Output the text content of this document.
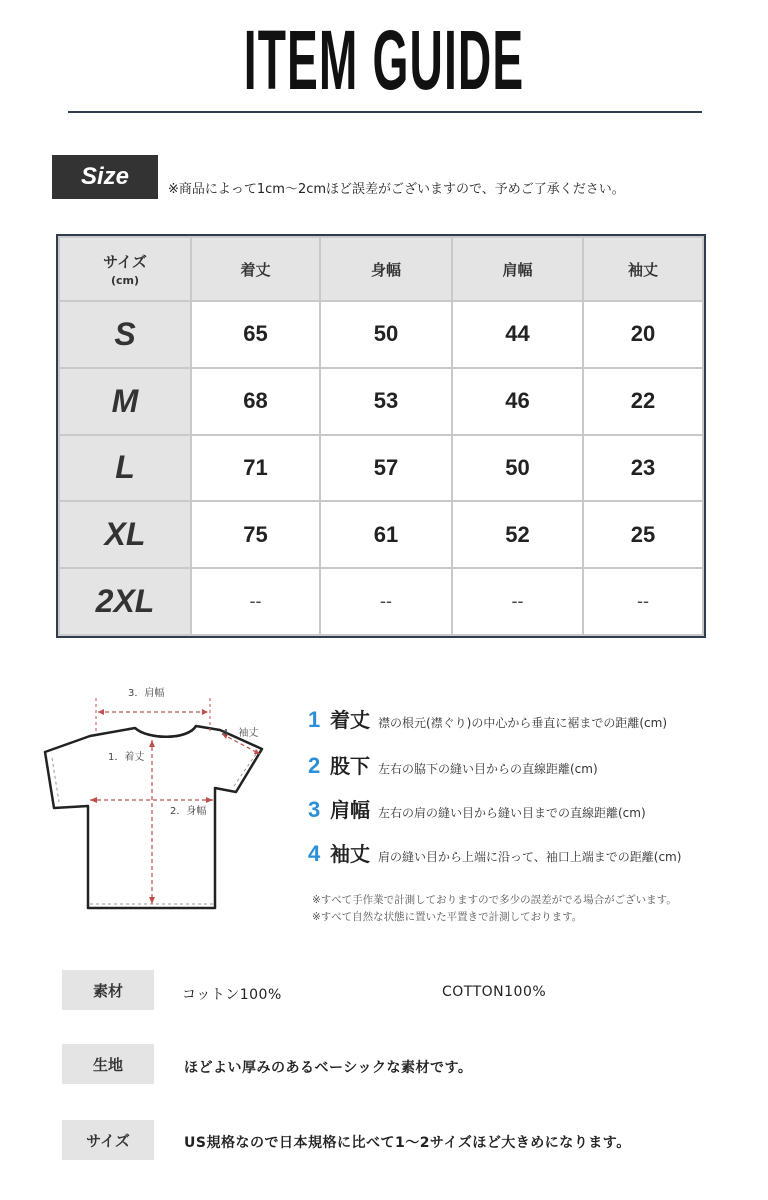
ITEM GUIDE
Size	※商品によって1cm〜2cmほど誤差がございますので、予めご了承ください。
サイズ
(cm)	着丈	身幅	肩幅	袖丈
S	65	50	44	20
M	68	53	46	22
L	71	57	50	23
XL	75	61	52	25
2XL	--	--	--	--
3．肩幅
4．袖丈
1．着丈
2．身幅
1 着丈 襟の根元(襟ぐり)の中心から垂直に裾までの距離(cm)
2 股下 左右の脇下の縫い目からの直線距離(cm)
3 肩幅 左右の肩の縫い目から縫い目までの直線距離(cm)
4 袖丈 肩の縫い目から上端に沿って、袖口上端までの距離(cm)
※すべて手作業で計測しておりますので多少の誤差がでる場合がございます。
※すべて自然な状態に置いた平置きで計測しております。
素材	コットン100%	COTTON100%
生地	ほどよい厚みのあるベーシックな素材です。
サイズ	US規格なので日本規格に比べて1〜2サイズほど大きめになります。
